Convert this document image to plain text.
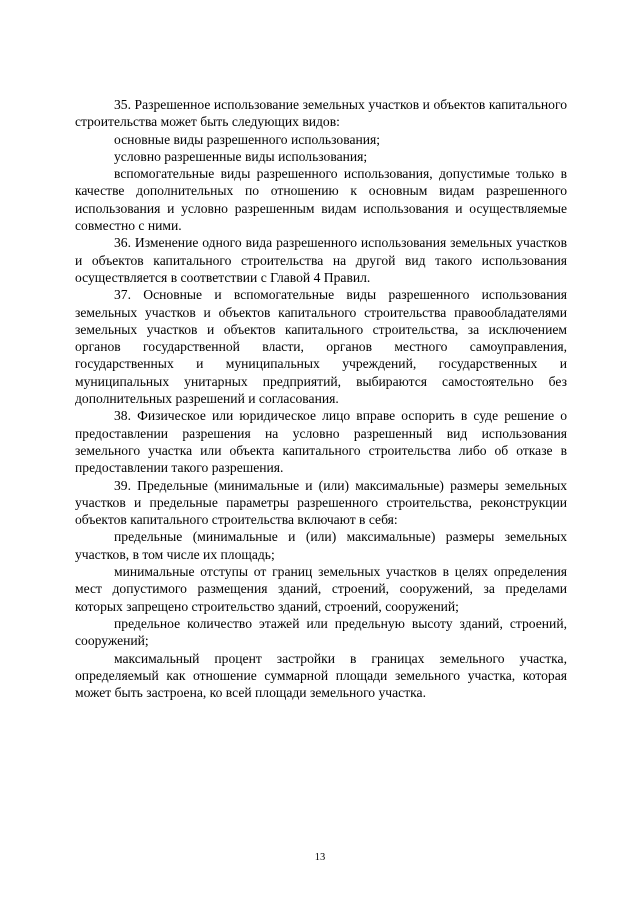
35. Разрешенное использование земельных участков и объектов капитального строительства может быть следующих видов:

основные виды разрешенного использования;

условно разрешенные виды использования;

вспомогательные виды разрешенного использования, допустимые только в качестве дополнительных по отношению к основным видам разрешенного использования и условно разрешенным видам использования и осуществляемые совместно с ними.

36. Изменение одного вида разрешенного использования земельных участков и объектов капитального строительства на другой вид такого использования осуществляется в соответствии с Главой 4 Правил.

37. Основные и вспомогательные виды разрешенного использования земельных участков и объектов капитального строительства правообладателями земельных участков и объектов капитального строительства, за исключением органов государственной власти, органов местного самоуправления, государственных и муниципальных учреждений, государственных и муниципальных унитарных предприятий, выбираются самостоятельно без дополнительных разрешений и согласования.

38. Физическое или юридическое лицо вправе оспорить в суде решение о предоставлении разрешения на условно разрешенный вид использования земельного участка или объекта капитального строительства либо об отказе в предоставлении такого разрешения.

39. Предельные (минимальные и (или) максимальные) размеры земельных участков и предельные параметры разрешенного строительства, реконструкции объектов капитального строительства включают в себя:

предельные (минимальные и (или) максимальные) размеры земельных участков, в том числе их площадь;

минимальные отступы от границ земельных участков в целях определения мест допустимого размещения зданий, строений, сооружений, за пределами которых запрещено строительство зданий, строений, сооружений;

предельное количество этажей или предельную высоту зданий, строений, сооружений;

максимальный процент застройки в границах земельного участка, определяемый как отношение суммарной площади земельного участка, которая может быть застроена, ко всей площади земельного участка.

13
